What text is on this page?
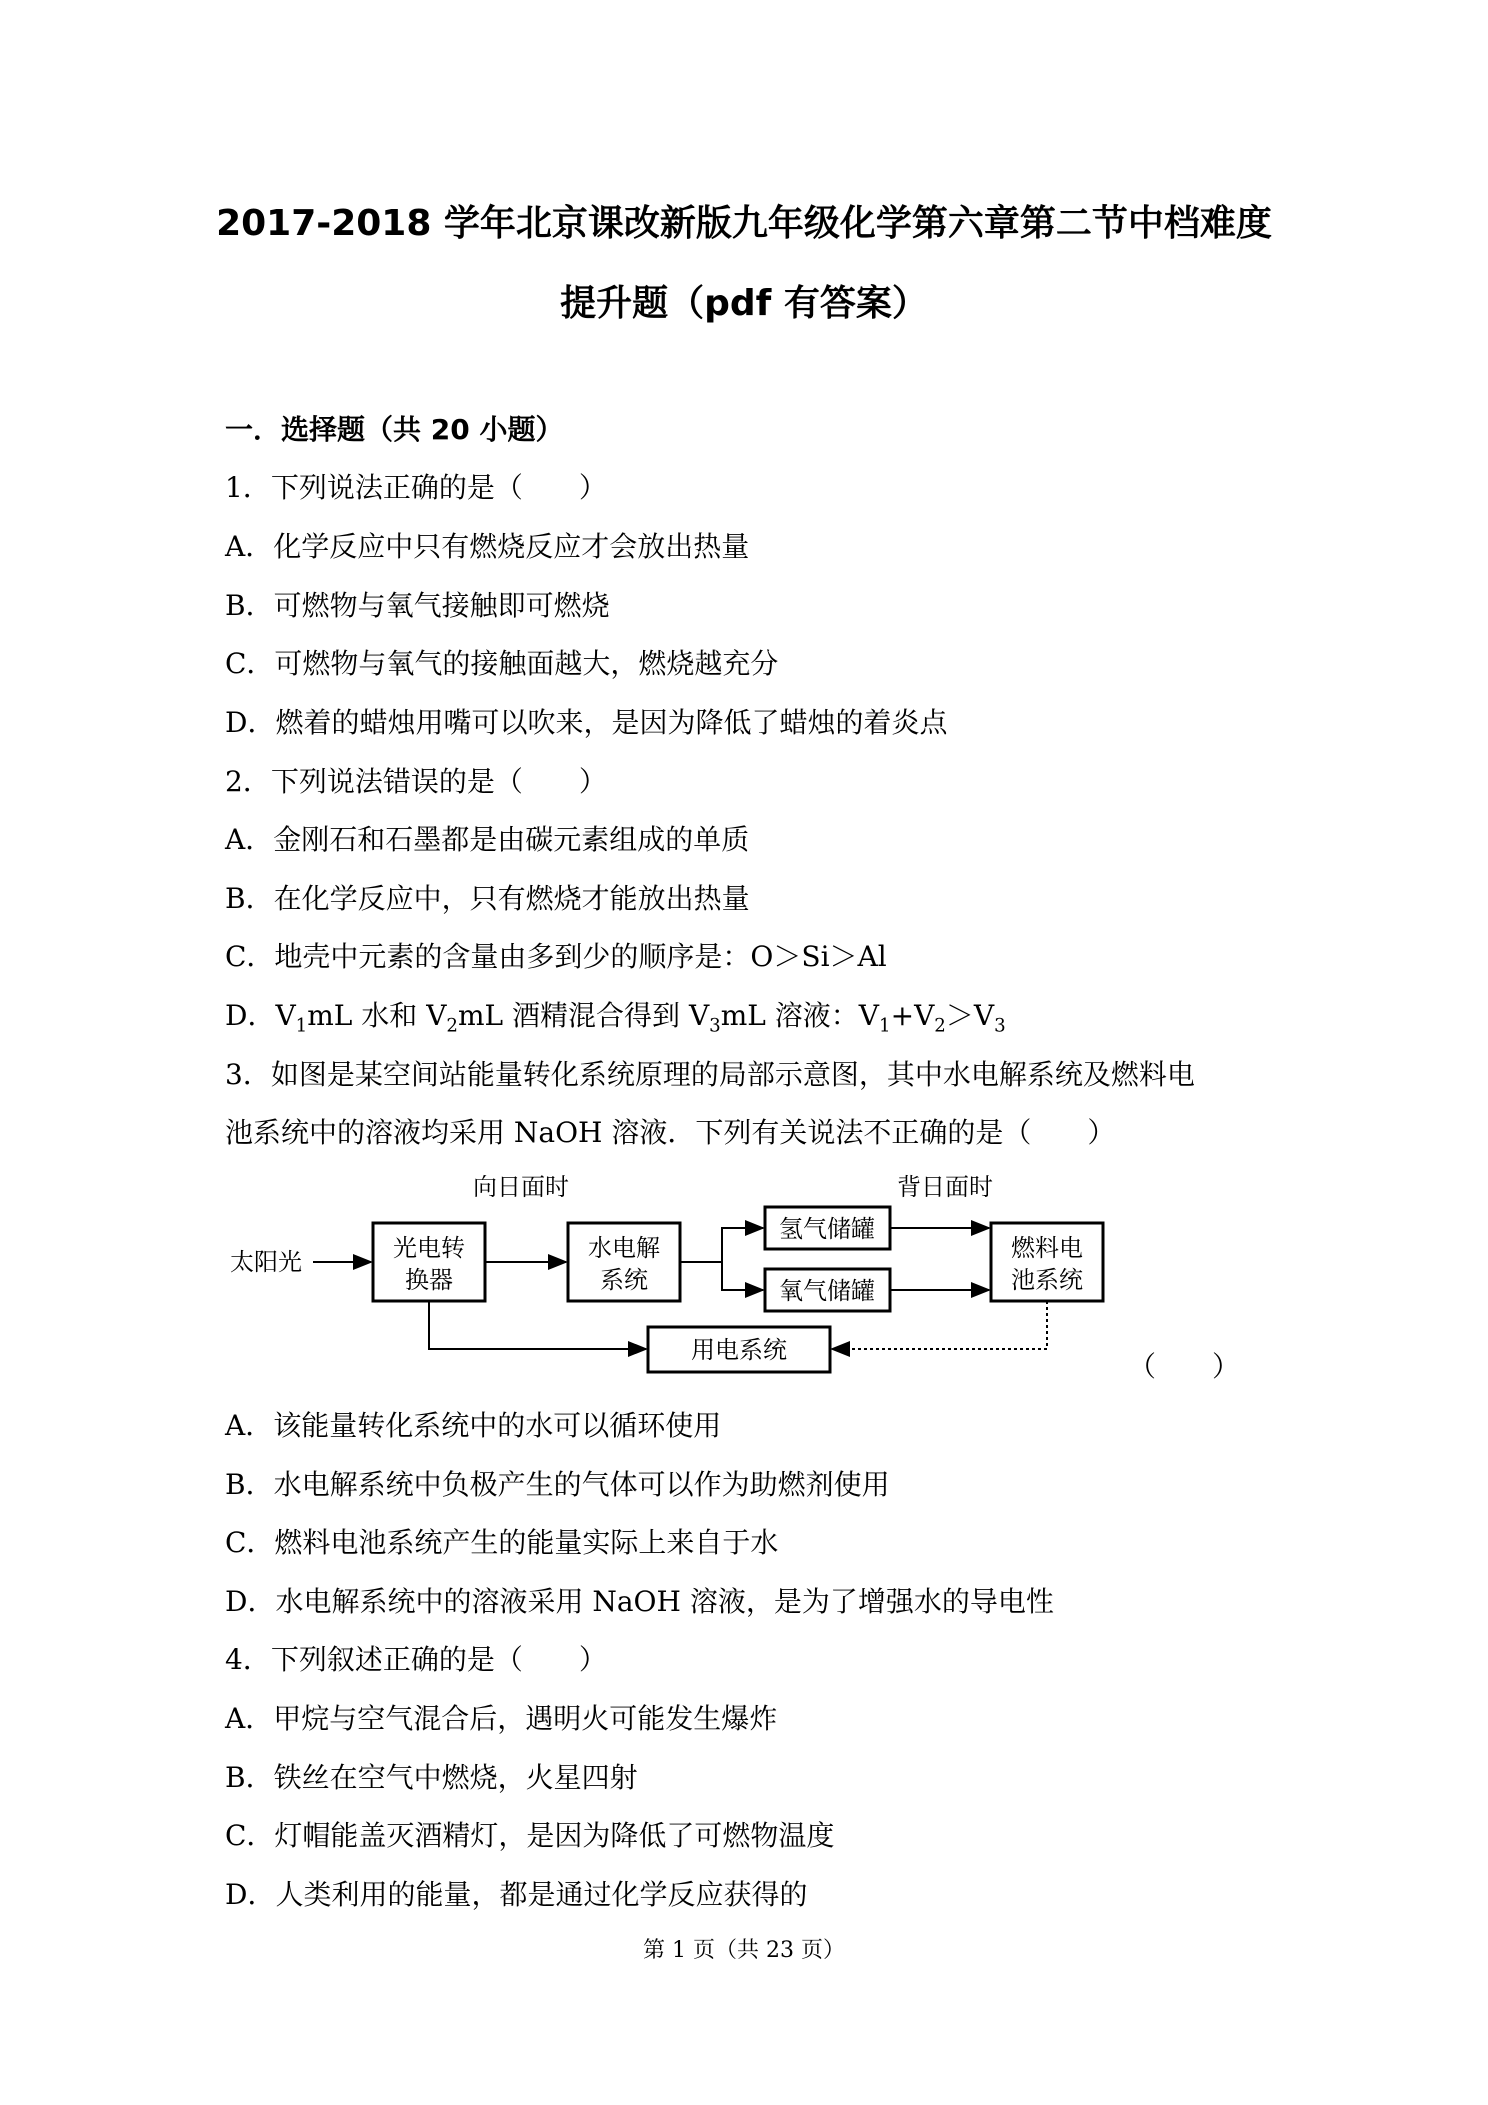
2017-2018 学年北京课改新版九年级化学第六章第二节中档难度
提升题（pdf 有答案）
一．选择题（共 20 小题）
1．下列说法正确的是（　　）
A．化学反应中只有燃烧反应才会放出热量
B．可燃物与氧气接触即可燃烧
C．可燃物与氧气的接触面越大，燃烧越充分
D．燃着的蜡烛用嘴可以吹来，是因为降低了蜡烛的着炎点
2．下列说法错误的是（　　）
A．金刚石和石墨都是由碳元素组成的单质
B．在化学反应中，只有燃烧才能放出热量
C．地壳中元素的含量由多到少的顺序是：O＞Si＞Al
D．$V_1mL$ 水和 $V_2mL$ 酒精混合得到 $V_3mL$ 溶液：$V_1+V_2>V_3$
3．如图是某空间站能量转化系统原理的局部示意图，其中水电解系统及燃料电
池系统中的溶液均采用 NaOH 溶液．下列有关说法不正确的是（　　）
向日面时	背日面时
太阳光	光电转
换器
水电解
系统
氢气储罐
氧气储罐
燃料电
池系统
用电系统	（　　）
A．该能量转化系统中的水可以循环使用
B．水电解系统中负极产生的气体可以作为助燃剂使用
C．燃料电池系统产生的能量实际上来自于水
D．水电解系统中的溶液采用 NaOH 溶液，是为了增强水的导电性
4．下列叙述正确的是（　　）
A．甲烷与空气混合后，遇明火可能发生爆炸
B．铁丝在空气中燃烧，火星四射
C．灯帽能盖灭酒精灯，是因为降低了可燃物温度
D．人类利用的能量，都是通过化学反应获得的
第 1 页（共 23 页）
